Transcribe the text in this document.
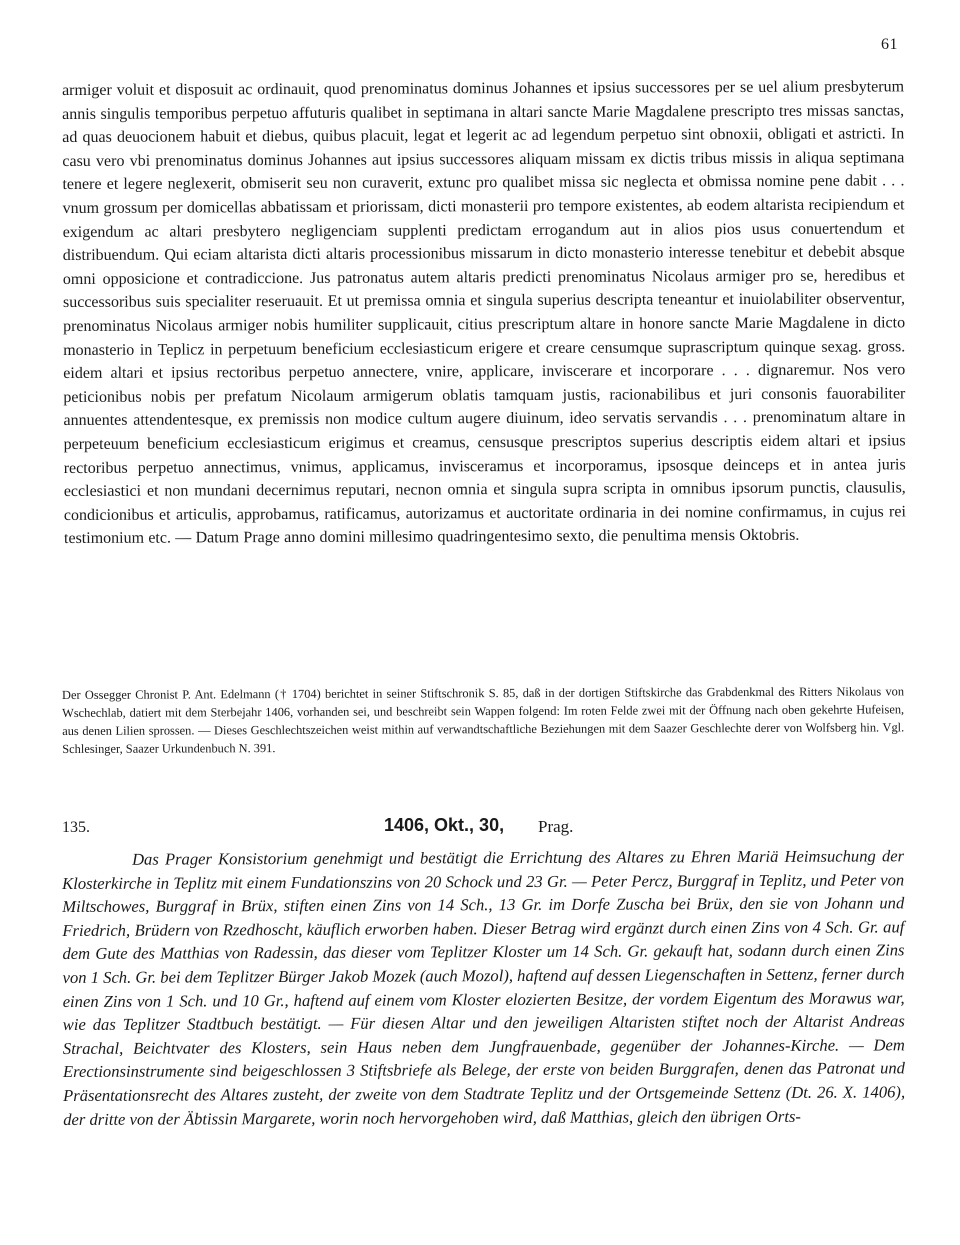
61

armiger voluit et disposuit ac ordinauit, quod prenominatus dominus Johannes et ipsius successores per se uel alium presbyterum annis singulis temporibus perpetuo affuturis qualibet in septimana in altari sancte Marie Magdalene prescripto tres missas sanctas, ad quas deuocionem habuit et diebus, quibus placuit, legat et legerit ac ad legendum perpetuo sint obnoxii, obligati et astricti. In casu vero vbi prenominatus dominus Johannes aut ipsius successores aliquam missam ex dictis tribus missis in aliqua septimana tenere et legere neglexerit, obmiserit seu non curaverit, extunc pro qualibet missa sic neglecta et obmissa nomine pene dabit . . . vnum grossum per domicellas abbatissam et priorissam, dicti monasterii pro tempore existentes, ab eodem altarista recipiendum et exigendum ac altari presbytero negligenciam supplenti predictam errogandum aut in alios pios usus conuertendum et distribuendum. Qui eciam altarista dicti altaris processionibus missarum in dicto monasterio interesse tenebitur et debebit absque omni opposicione et contradiccione. Jus patronatus autem altaris predicti prenominatus Nicolaus armiger pro se, heredibus et successoribus suis specialiter reseruauit. Et ut premissa omnia et singula superius descripta teneantur et inuiolabiliter observentur, prenominatus Nicolaus armiger nobis humiliter supplicauit, citius prescriptum altare in honore sancte Marie Magdalene in dicto monasterio in Teplicz in perpetuum beneficium ecclesiasticum erigere et creare censumque suprascriptum quinque sexag. gross. eidem altari et ipsius rectoribus perpetuo annectere, vnire, applicare, inviscerare et incorporare . . . dignaremur. Nos vero peticionibus nobis per prefatum Nicolaum armigerum oblatis tamquam justis, racionabilibus et juri consonis fauorabiliter annuentes attendentesque, ex premissis non modice cultum augere diuinum, ideo servatis servandis . . . prenominatum altare in perpeteuum beneficium ecclesiasticum erigimus et creamus, censusque prescriptos superius descriptis eidem altari et ipsius rectoribus perpetuo annectimus, vnimus, applicamus, invisceramus et incorporamus, ipsosque deinceps et in antea juris ecclesiastici et non mundani decernimus reputari, necnon omnia et singula supra scripta in omnibus ipsorum punctis, clausulis, condicionibus et articulis, approbamus, ratificamus, autorizamus et auctoritate ordinaria in dei nomine confirmamus, in cujus rei testimonium etc. — Datum Prage anno domini millesimo quadringentesimo sexto, die penultima mensis Oktobris.

Der Ossegger Chronist P. Ant. Edelmann († 1704) berichtet in seiner Stiftschronik S. 85, daß in der dortigen Stiftskirche das Grabdenkmal des Ritters Nikolaus von Wschechlab, datiert mit dem Sterbejahr 1406, vorhanden sei, und beschreibt sein Wappen folgend: Im roten Felde zwei mit der Öffnung nach oben gekehrte Hufeisen, aus denen Lilien sprossen. — Dieses Geschlechtszeichen weist mithin auf verwandtschaftliche Beziehungen mit dem Saazer Geschlechte derer von Wolfsberg hin. Vgl. Schlesinger, Saazer Urkundenbuch N. 391.

135.	1406, Okt., 30, Prag.

Das Prager Konsistorium genehmigt und bestätigt die Errichtung des Altares zu Ehren Mariä Heimsuchung der Klosterkirche in Teplitz mit einem Fundationszins von 20 Schock und 23 Gr. — Peter Percz, Burggraf in Teplitz, und Peter von Miltschowes, Burggraf in Brüx, stiften einen Zins von 14 Sch., 13 Gr. im Dorfe Zuscha bei Brüx, den sie von Johann und Friedrich, Brüdern von Rzedhoscht, käuflich erworben haben. Dieser Betrag wird ergänzt durch einen Zins von 4 Sch. Gr. auf dem Gute des Matthias von Radessin, das dieser vom Teplitzer Kloster um 14 Sch. Gr. gekauft hat, sodann durch einen Zins von 1 Sch. Gr. bei dem Teplitzer Bürger Jakob Mozek (auch Mozol), haftend auf dessen Liegenschaften in Settenz, ferner durch einen Zins von 1 Sch. und 10 Gr., haftend auf einem vom Kloster elozierten Besitze, der vordem Eigentum des Morawus war, wie das Teplitzer Stadtbuch bestätigt. — Für diesen Altar und den jeweiligen Altaristen stiftet noch der Altarist Andreas Strachal, Beichtvater des Klosters, sein Haus neben dem Jungfrauenbade, gegenüber der Johannes-Kirche. — Dem Erectionsinstrumente sind beigeschlossen 3 Stiftsbriefe als Belege, der erste von beiden Burggrafen, denen das Patronat und Präsentationsrecht des Altares zusteht, der zweite von dem Stadtrate Teplitz und der Ortsgemeinde Settenz (Dt. 26. X. 1406), der dritte von der Äbtissin Margarete, worin noch hervorgehoben wird, daß Matthias, gleich den übrigen Orts-
